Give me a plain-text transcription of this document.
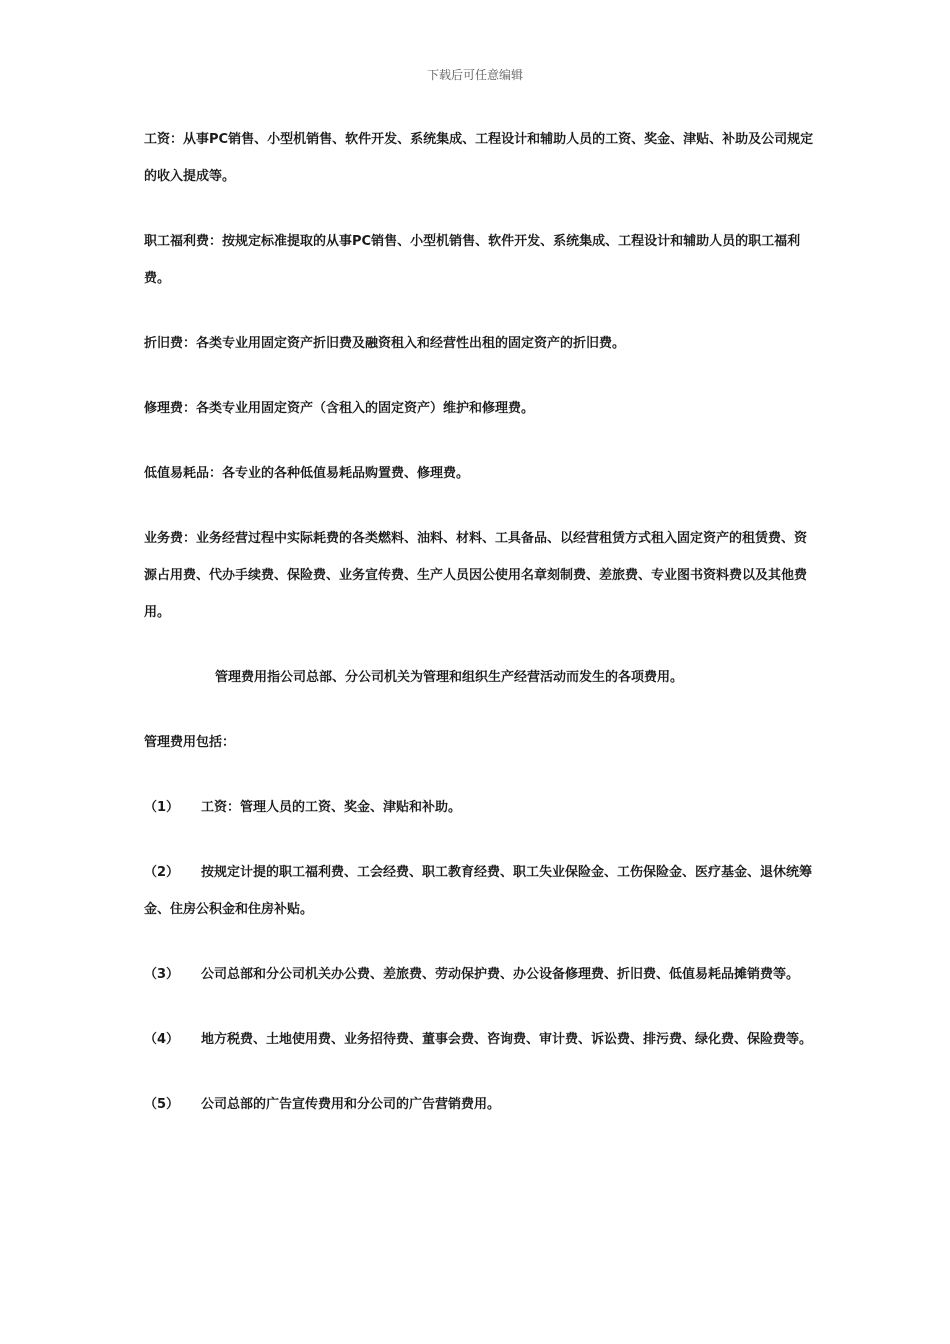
下载后可任意编辑

工资：从事PC销售、小型机销售、软件开发、系统集成、工程设计和辅助人员的工资、奖金、津贴、补助及公司规定的收入提成等。

职工福利费：按规定标准提取的从事PC销售、小型机销售、软件开发、系统集成、工程设计和辅助人员的职工福利费。

折旧费：各类专业用固定资产折旧费及融资租入和经营性出租的固定资产的折旧费。

修理费：各类专业用固定资产（含租入的固定资产）维护和修理费。

低值易耗品：各专业的各种低值易耗品购置费、修理费。

业务费：业务经营过程中实际耗费的各类燃料、油料、材料、工具备品、以经营租赁方式租入固定资产的租赁费、资源占用费、代办手续费、保险费、业务宣传费、生产人员因公使用名章刻制费、差旅费、专业图书资料费以及其他费用。

管理费用指公司总部、分公司机关为管理和组织生产经营活动而发生的各项费用。

管理费用包括：

（1） 工资：管理人员的工资、奖金、津贴和补助。

（2） 按规定计提的职工福利费、工会经费、职工教育经费、职工失业保险金、工伤保险金、医疗基金、退休统筹金、住房公积金和住房补贴。

（3） 公司总部和分公司机关办公费、差旅费、劳动保护费、办公设备修理费、折旧费、低值易耗品摊销费等。

（4） 地方税费、土地使用费、业务招待费、董事会费、咨询费、审计费、诉讼费、排污费、绿化费、保险费等。

（5） 公司总部的广告宣传费用和分公司的广告营销费用。
